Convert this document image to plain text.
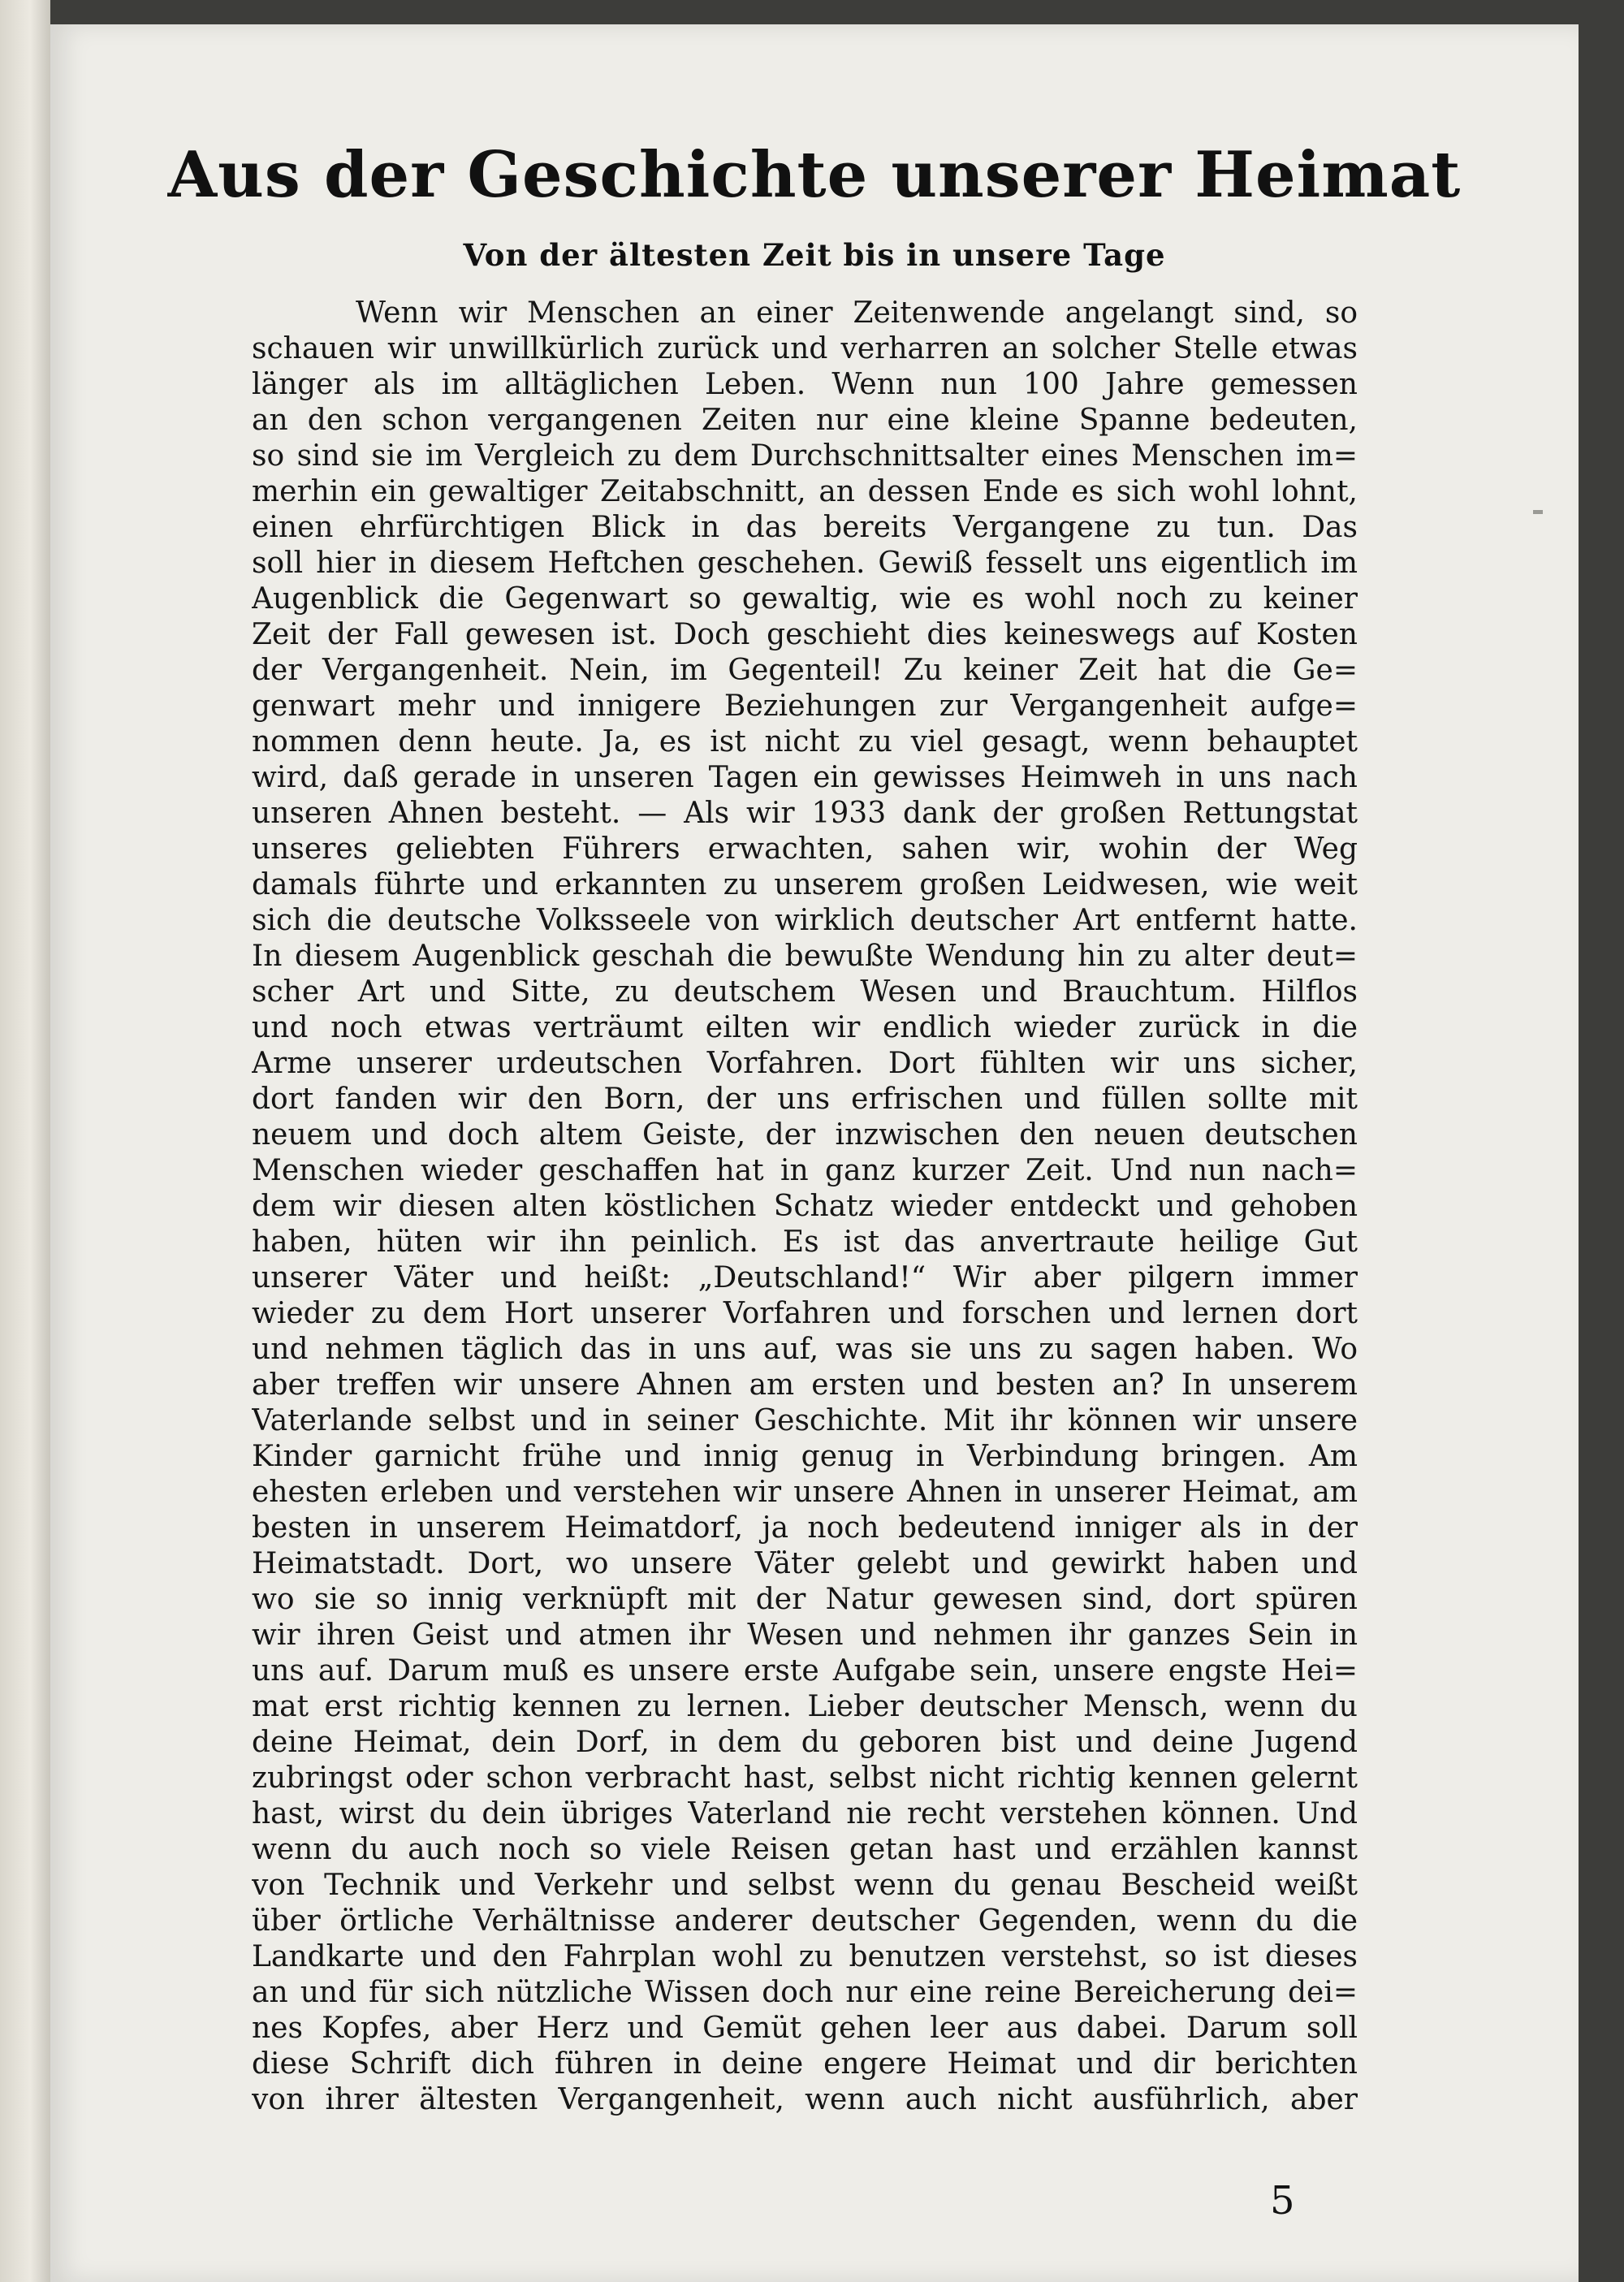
Aus der Geschichte unserer Heimat
Von der ältesten Zeit bis in unsere Tage
Wenn wir Menschen an einer Zeitenwende angelangt sind, so
schauen wir unwillkürlich zurück und verharren an solcher Stelle etwas
länger als im alltäglichen Leben. Wenn nun 100 Jahre gemessen
an den schon vergangenen Zeiten nur eine kleine Spanne bedeuten,
so sind sie im Vergleich zu dem Durchschnittsalter eines Menschen im=
merhin ein gewaltiger Zeitabschnitt, an dessen Ende es sich wohl lohnt,
einen ehrfürchtigen Blick in das bereits Vergangene zu tun. Das
soll hier in diesem Heftchen geschehen. Gewiß fesselt uns eigentlich im
Augenblick die Gegenwart so gewaltig, wie es wohl noch zu keiner
Zeit der Fall gewesen ist. Doch geschieht dies keineswegs auf Kosten
der Vergangenheit. Nein, im Gegenteil! Zu keiner Zeit hat die Ge=
genwart mehr und innigere Beziehungen zur Vergangenheit aufge=
nommen denn heute. Ja, es ist nicht zu viel gesagt, wenn behauptet
wird, daß gerade in unseren Tagen ein gewisses Heimweh in uns nach
unseren Ahnen besteht. — Als wir 1933 dank der großen Rettungstat
unseres geliebten Führers erwachten, sahen wir, wohin der Weg
damals führte und erkannten zu unserem großen Leidwesen, wie weit
sich die deutsche Volksseele von wirklich deutscher Art entfernt hatte.
In diesem Augenblick geschah die bewußte Wendung hin zu alter deut=
scher Art und Sitte, zu deutschem Wesen und Brauchtum. Hilflos
und noch etwas verträumt eilten wir endlich wieder zurück in die
Arme unserer urdeutschen Vorfahren. Dort fühlten wir uns sicher,
dort fanden wir den Born, der uns erfrischen und füllen sollte mit
neuem und doch altem Geiste, der inzwischen den neuen deutschen
Menschen wieder geschaffen hat in ganz kurzer Zeit. Und nun nach=
dem wir diesen alten köstlichen Schatz wieder entdeckt und gehoben
haben, hüten wir ihn peinlich. Es ist das anvertraute heilige Gut
unserer Väter und heißt: „Deutschland!“ Wir aber pilgern immer
wieder zu dem Hort unserer Vorfahren und forschen und lernen dort
und nehmen täglich das in uns auf, was sie uns zu sagen haben. Wo
aber treffen wir unsere Ahnen am ersten und besten an? In unserem
Vaterlande selbst und in seiner Geschichte. Mit ihr können wir unsere
Kinder garnicht frühe und innig genug in Verbindung bringen. Am
ehesten erleben und verstehen wir unsere Ahnen in unserer Heimat, am
besten in unserem Heimatdorf, ja noch bedeutend inniger als in der
Heimatstadt. Dort, wo unsere Väter gelebt und gewirkt haben und
wo sie so innig verknüpft mit der Natur gewesen sind, dort spüren
wir ihren Geist und atmen ihr Wesen und nehmen ihr ganzes Sein in
uns auf. Darum muß es unsere erste Aufgabe sein, unsere engste Hei=
mat erst richtig kennen zu lernen. Lieber deutscher Mensch, wenn du
deine Heimat, dein Dorf, in dem du geboren bist und deine Jugend
zubringst oder schon verbracht hast, selbst nicht richtig kennen gelernt
hast, wirst du dein übriges Vaterland nie recht verstehen können. Und
wenn du auch noch so viele Reisen getan hast und erzählen kannst
von Technik und Verkehr und selbst wenn du genau Bescheid weißt
über örtliche Verhältnisse anderer deutscher Gegenden, wenn du die
Landkarte und den Fahrplan wohl zu benutzen verstehst, so ist dieses
an und für sich nützliche Wissen doch nur eine reine Bereicherung dei=
nes Kopfes, aber Herz und Gemüt gehen leer aus dabei. Darum soll
diese Schrift dich führen in deine engere Heimat und dir berichten
von ihrer ältesten Vergangenheit, wenn auch nicht ausführlich, aber
5
